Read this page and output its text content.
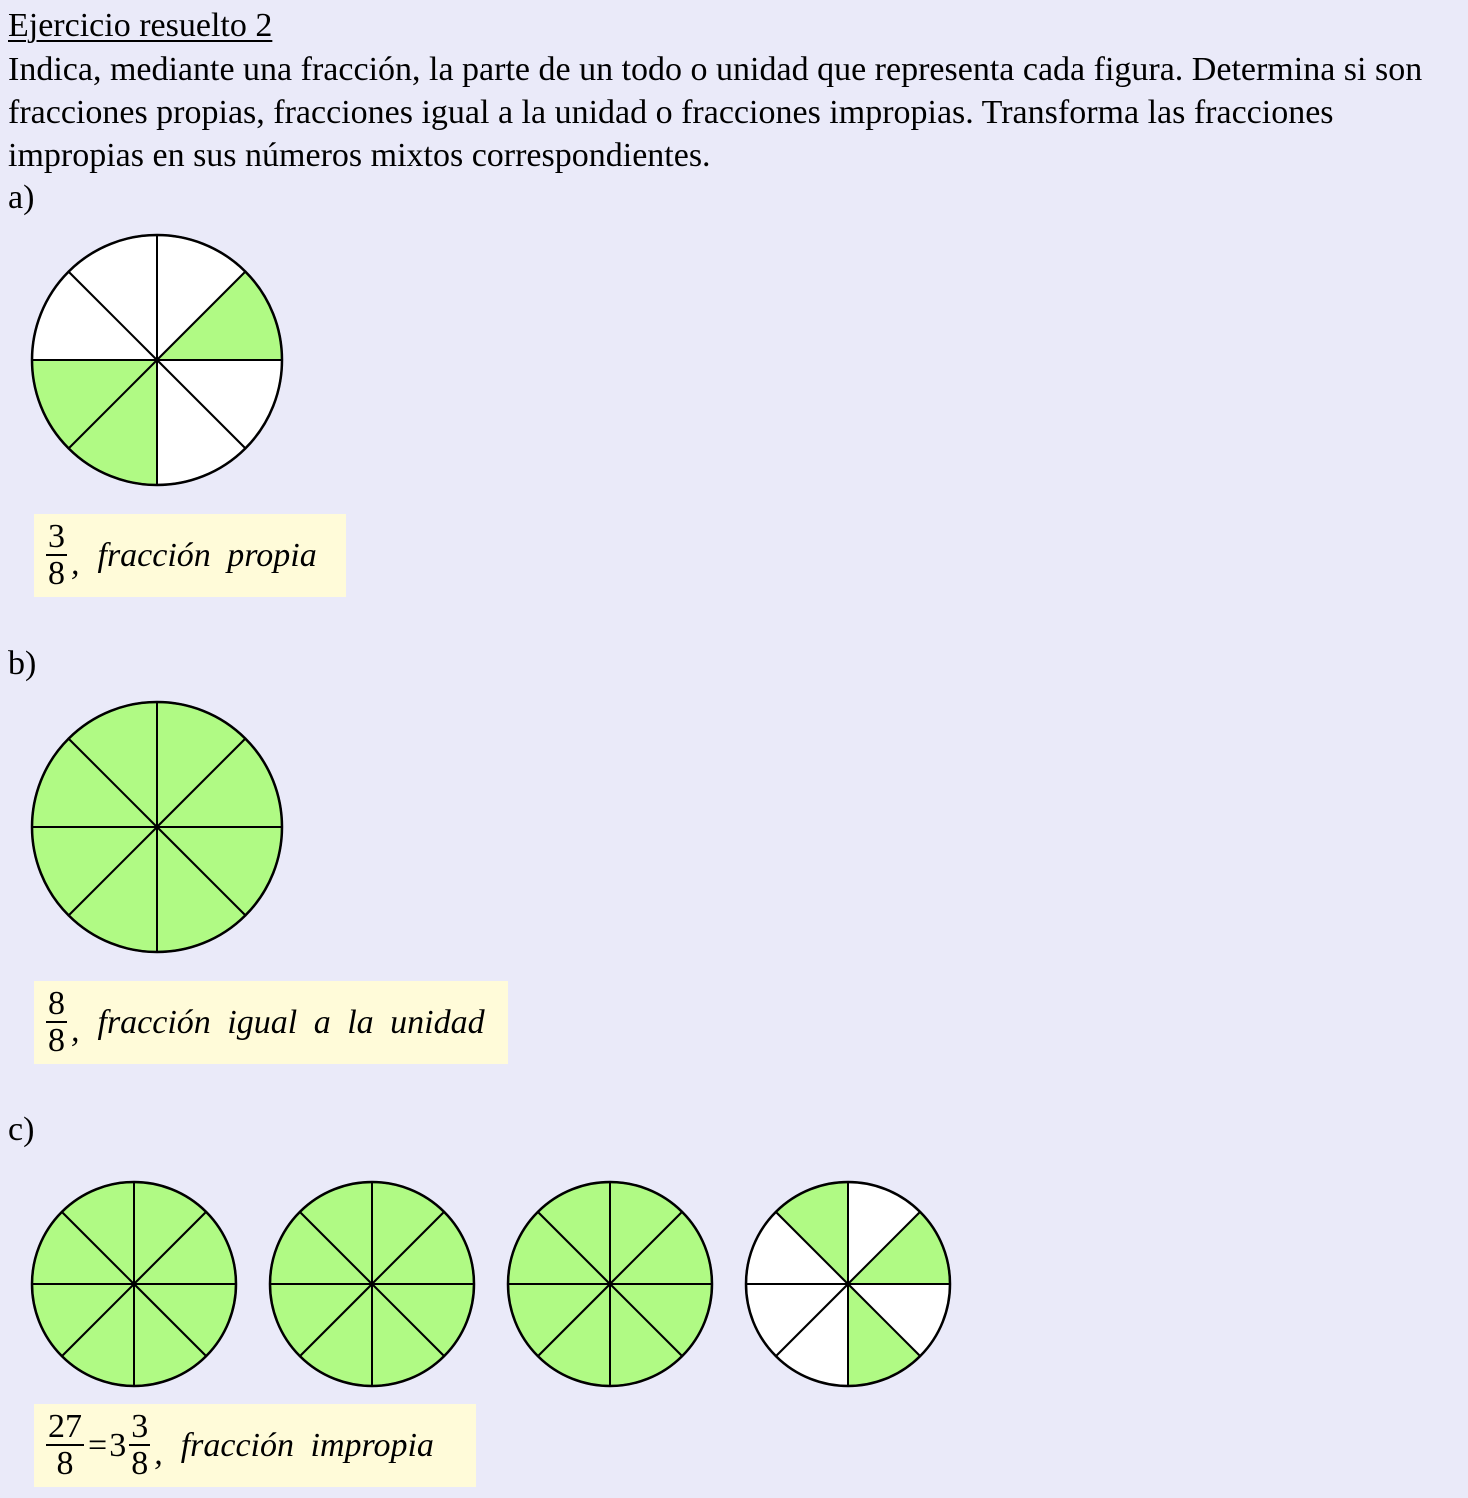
Ejercicio resuelto 2

Indica, mediante una fracción, la parte de un todo o unidad que representa cada figura. Determina si son fracciones propias, fracciones igual a la unidad o fracciones impropias. Transforma las fracciones impropias en sus números mixtos correspondientes.

a)
$\frac{3}{8}$ , fracción propia
b)
$\frac{8}{8}$ , fracción igual a la unidad
c)
$\frac{27}{8} = 3 \frac{3}{8}$ , fracción impropia
